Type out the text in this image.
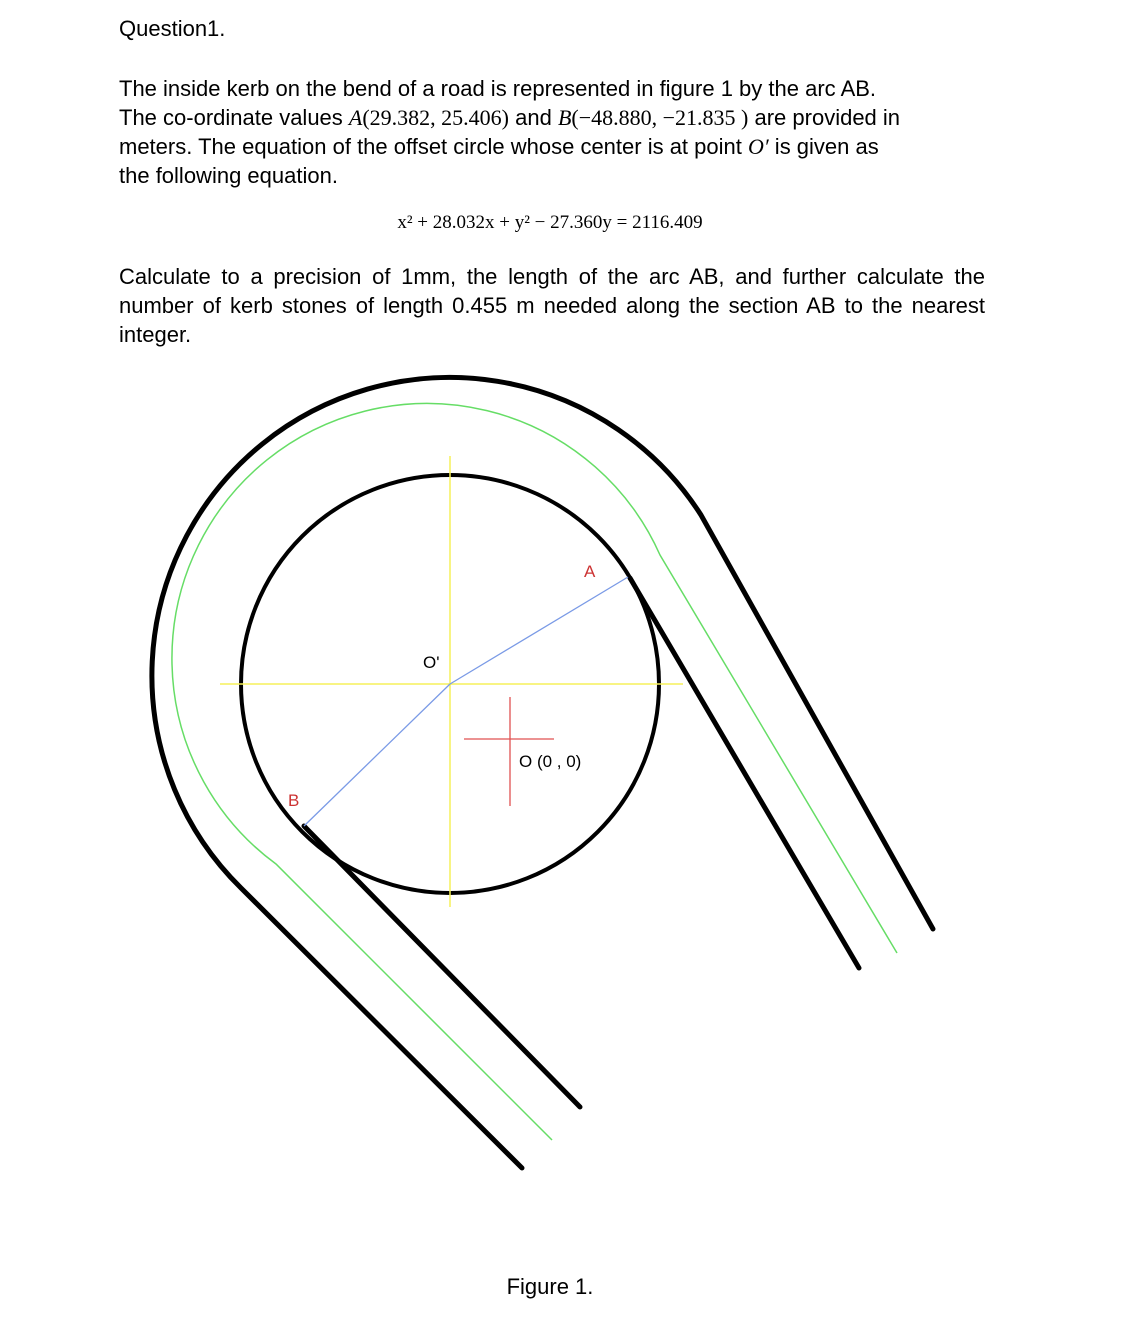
Question1.
The inside kerb on the bend of a road is represented in figure 1 by the arc AB.
The co-ordinate values A(29.382, 25.406) and B(−48.880, −21.835 ) are provided in
meters. The equation of the offset circle whose center is at point O′ is given as
the following equation.
x² + 28.032x + y² − 27.360y = 2116.409
Calculate to a precision of 1mm, the length of the arc AB, and further calculate the number of kerb stones of length 0.455 m needed along the section AB to the nearest integer.
A
B
O'
O (0 , 0)
Figure 1.
